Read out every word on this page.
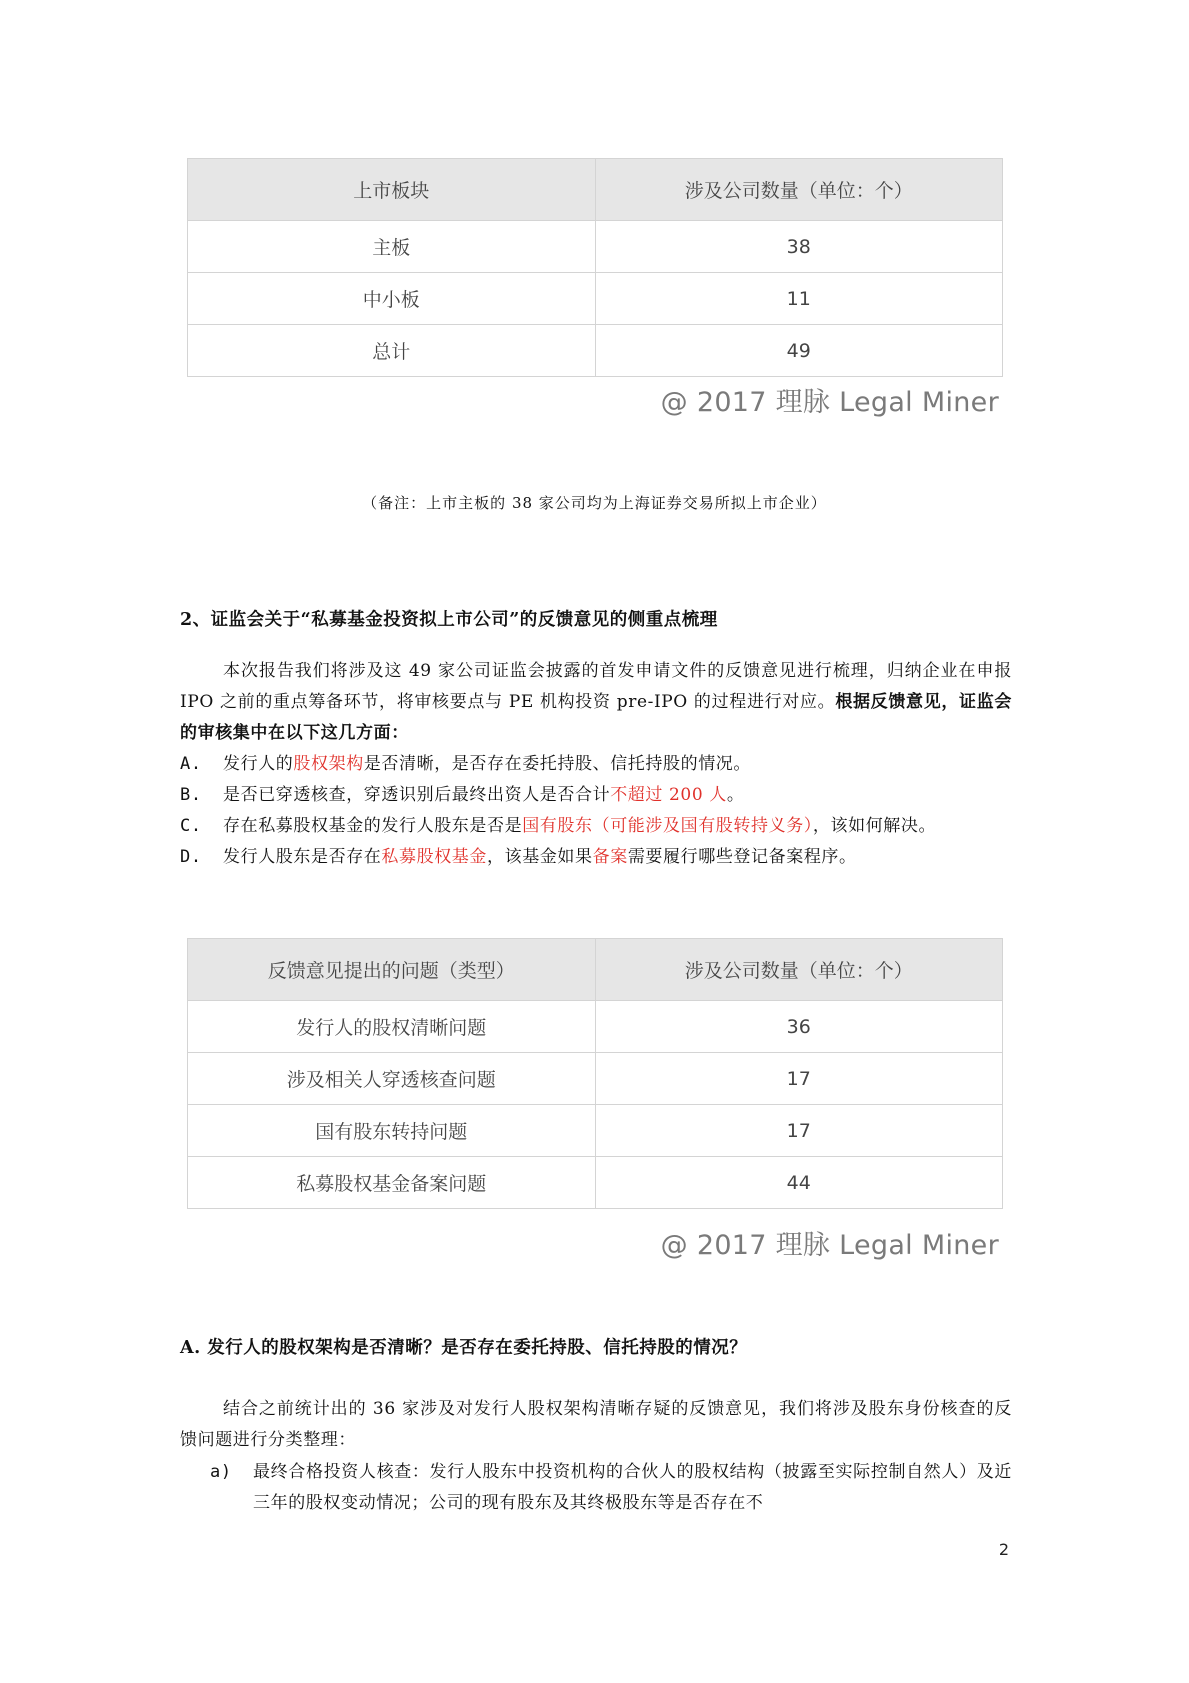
上市板块	涉及公司数量（单位：个）
主板	38
中小板	11
总计	49
@ 2017 理脉 Legal Miner
（备注：上市主板的 38 家公司均为上海证券交易所拟上市企业）
2、证监会关于“私募基金投资拟上市公司”的反馈意见的侧重点梳理

本次报告我们将涉及这 49 家公司证监会披露的首发申请文件的反馈意见进行梳理，归纳企业在申报 IPO 之前的重点筹备环节，将审核要点与 PE 机构投资 pre-IPO 的过程进行对应。根据反馈意见，证监会的审核集中在以下这几方面：

A. 发行人的股权架构是否清晰，是否存在委托持股、信托持股的情况。
B. 是否已穿透核查，穿透识别后最终出资人是否合计不超过 200 人。
C. 存在私募股权基金的发行人股东是否是国有股东（可能涉及国有股转持义务），该如何解决。
D. 发行人股东是否存在私募股权基金，该基金如果备案需要履行哪些登记备案程序。
反馈意见提出的问题（类型）	涉及公司数量（单位：个）
发行人的股权清晰问题	36
涉及相关人穿透核查问题	17
国有股东转持问题	17
私募股权基金备案问题	44
@ 2017 理脉 Legal Miner
A. 发行人的股权架构是否清晰？是否存在委托持股、信托持股的情况？

结合之前统计出的 36 家涉及对发行人股权架构清晰存疑的反馈意见，我们将涉及股东身份核查的反馈问题进行分类整理：

a) 最终合格投资人核查：发行人股东中投资机构的合伙人的股权结构（披露至实际控制自然人）及近三年的股权变动情况；公司的现有股东及其终极股东等是否存在不
2
